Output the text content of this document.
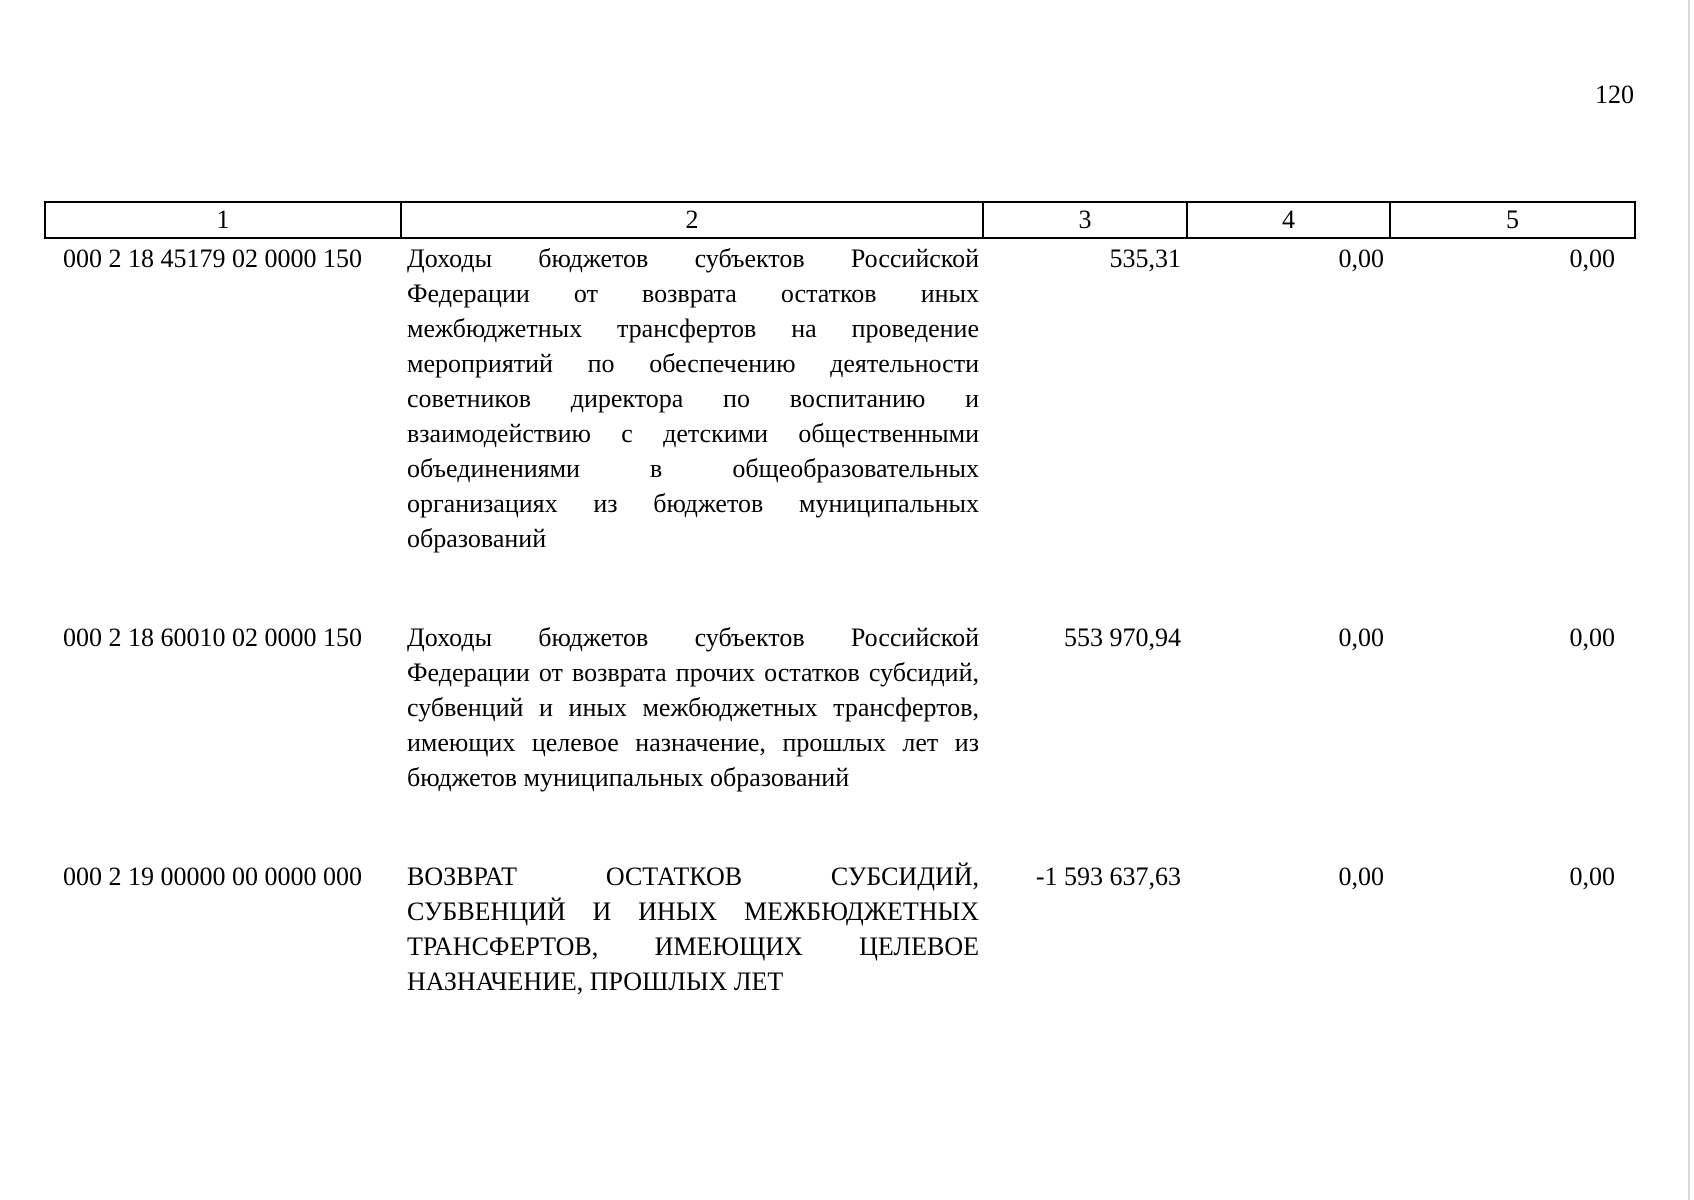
120
1	2	3	4	5
000 2 18 45179 02 0000 150	Доходы бюджетов субъектов Российской Федерации от возврата остатков иных межбюджетных трансфертов на проведение мероприятий по обеспечению деятельности советников директора по воспитанию и взаимодействию с детскими общественными объединениями в общеобразовательных организациях из бюджетов муниципальных образований	535,31	0,00	0,00
000 2 18 60010 02 0000 150	Доходы бюджетов субъектов Российской Федерации от возврата прочих остатков субсидий, субвенций и иных межбюджетных трансфертов, имеющих целевое назначение, прошлых лет из бюджетов муниципальных образований	553 970,94	0,00	0,00
000 2 19 00000 00 0000 000	ВОЗВРАТ ОСТАТКОВ СУБСИДИЙ, СУБВЕНЦИЙ И ИНЫХ МЕЖБЮДЖЕТНЫХ ТРАНСФЕРТОВ, ИМЕЮЩИХ ЦЕЛЕВОЕ НАЗНАЧЕНИЕ, ПРОШЛЫХ ЛЕТ	-1 593 637,63	0,00	0,00
